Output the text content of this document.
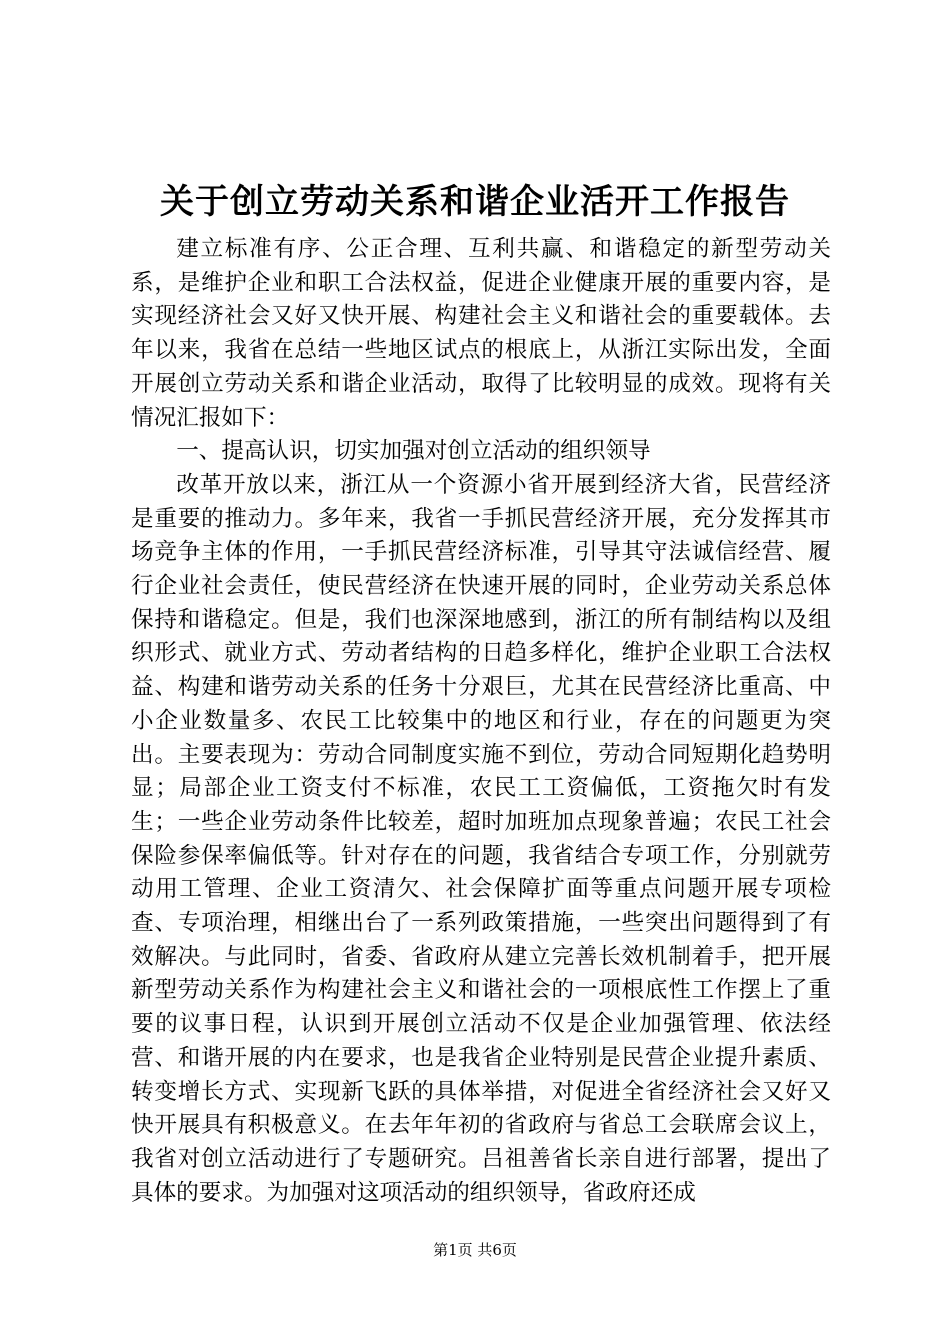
关于创立劳动关系和谐企业活开工作报告

建立标准有序、公正合理、互利共赢、和谐稳定的新型劳动关系，是维护企业和职工合法权益，促进企业健康开展的重要内容，是实现经济社会又好又快开展、构建社会主义和谐社会的重要载体。去年以来，我省在总结一些地区试点的根底上，从浙江实际出发，全面开展创立劳动关系和谐企业活动，取得了比较明显的成效。现将有关情况汇报如下：

一、提高认识，切实加强对创立活动的组织领导

改革开放以来，浙江从一个资源小省开展到经济大省，民营经济是重要的推动力。多年来，我省一手抓民营经济开展，充分发挥其市场竞争主体的作用，一手抓民营经济标准，引导其守法诚信经营、履行企业社会责任，使民营经济在快速开展的同时，企业劳动关系总体保持和谐稳定。但是，我们也深深地感到，浙江的所有制结构以及组织形式、就业方式、劳动者结构的日趋多样化，维护企业职工合法权益、构建和谐劳动关系的任务十分艰巨，尤其在民营经济比重高、中小企业数量多、农民工比较集中的地区和行业，存在的问题更为突出。主要表现为：劳动合同制度实施不到位，劳动合同短期化趋势明显；局部企业工资支付不标准，农民工工资偏低，工资拖欠时有发生；一些企业劳动条件比较差，超时加班加点现象普遍；农民工社会保险参保率偏低等。针对存在的问题，我省结合专项工作，分别就劳动用工管理、企业工资清欠、社会保障扩面等重点问题开展专项检查、专项治理，相继出台了一系列政策措施，一些突出问题得到了有效解决。与此同时，省委、省政府从建立完善长效机制着手，把开展新型劳动关系作为构建社会主义和谐社会的一项根底性工作摆上了重要的议事日程，认识到开展创立活动不仅是企业加强管理、依法经营、和谐开展的内在要求，也是我省企业特别是民营企业提升素质、转变增长方式、实现新飞跃的具体举措，对促进全省经济社会又好又快开展具有积极意义。在去年年初的省政府与省总工会联席会议上，我省对创立活动进行了专题研究。吕祖善省长亲自进行部署，提出了具体的要求。为加强对这项活动的组织领导，省政府还成

第1页 共6页
